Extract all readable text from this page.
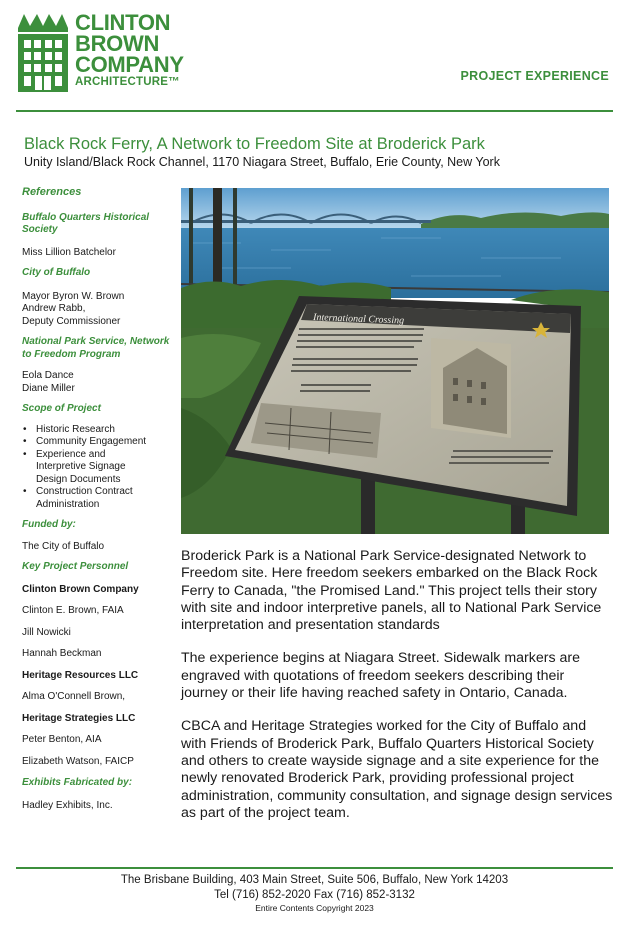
CLINTON
BROWN
COMPANY
ARCHITECTURE™	PROJECT EXPERIENCE
Black Rock Ferry, A Network to Freedom Site at Broderick Park
Unity Island/Black Rock Channel, 1170 Niagara Street, Buffalo, Erie County, New York
References
Buffalo Quarters Historical Society
Miss Lillion Batchelor
City of Buffalo
Mayor Byron W. Brown
Andrew Rabb,
Deputy Commissioner
National Park Service, Network to Freedom Program
Eola Dance
Diane Miller
Scope of Project
• Historic Research
• Community Engagement
• Experience and Interpretive Signage Design Documents
• Construction Contract Administration
Funded by:
The City of Buffalo
Key Project Personnel
Clinton Brown Company
Clinton E. Brown, FAIA
Jill Nowicki
Hannah Beckman
Heritage Resources LLC
Alma O'Connell Brown,
Heritage Strategies LLC
Peter Benton, AIA
Elizabeth Watson, FAICP
Exhibits Fabricated by:
Hadley Exhibits, Inc.
International Crossing

Broderick Park is a National Park Service-designated Network to Freedom site. Here freedom seekers embarked on the Black Rock Ferry to Canada, "the Promised Land." This project tells their story with site and indoor interpretive panels, all to National Park Service interpretation and presentation standards

The experience begins at Niagara Street. Sidewalk markers are engraved with quotations of freedom seekers describing their journey or their life having reached safety in Ontario, Canada.

CBCA and Heritage Strategies worked for the City of Buffalo and with Friends of Broderick Park, Buffalo Quarters Historical Society and others to create wayside signage and a site experience for the newly renovated Broderick Park, providing professional project administration, community consultation, and signage design services as part of the project team.

The Brisbane Building, 403 Main Street, Suite 506, Buffalo, New York 14203
Tel (716) 852-2020 Fax (716) 852-3132
Entire Contents Copyright 2023
